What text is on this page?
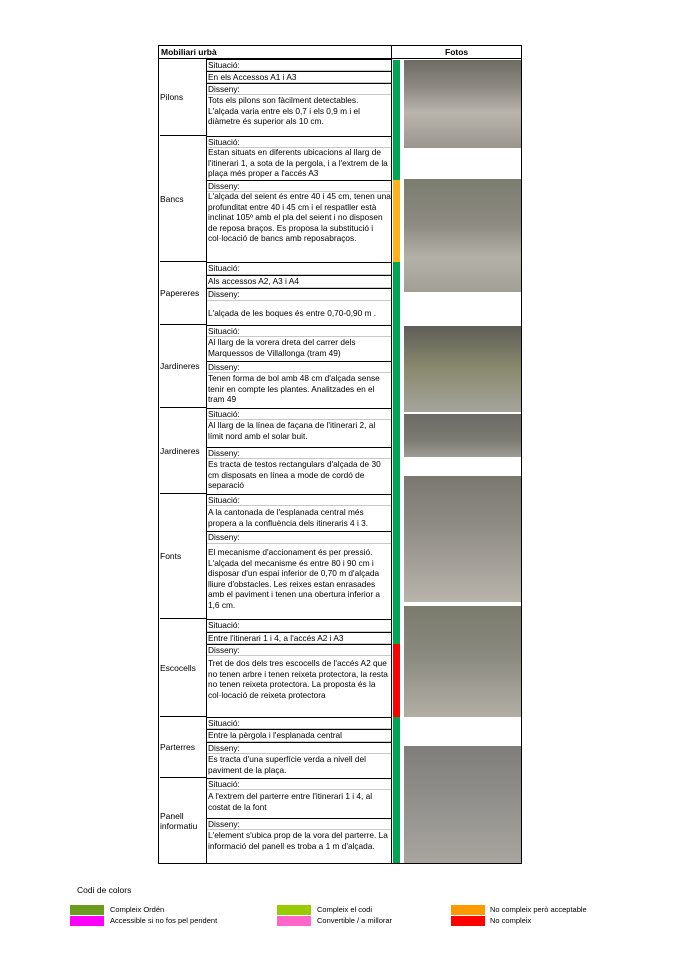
Mobiliari urbà	Fotos
Pilons
Situació:
En els Accessos A1 i A3
Disseny:
Tots els pilons son fàcilment detectables. L'alçada varia entre els 0,7 i els 0,9 m i el diàmetre és superior als 10 cm.
Bancs
Situació:
Estan situats en diferents ubicacions al llarg de l'itinerari 1, a sota de la pergola, i a l'extrem de la plaça més proper a l'accés A3
Disseny:
L'alçada del seient és entre 40 i 45 cm, tenen una profunditat entre 40 i 45 cm i el respatller està inclinat 105º amb el pla del seient i no disposen de reposa braços. Es proposa la substitució i col·locació de bancs amb reposabraços.
Papereres
Situació:
Als accessos A2, A3 i A4
Disseny:
L'alçada de les boques és entre 0,70-0,90 m .
Jardineres
Situació:
Al llarg de la vorera dreta del carrer dels Marquessos de Villallonga (tram 49)
Disseny:
Tenen forma de bol amb 48 cm d'alçada sense tenir en compte les plantes. Analitzades en el tram 49
Jardineres
Situació:
Al llarg de la línea de façana de l'itinerari 2, al límit nord amb el solar buit.
Disseny:
Es tracta de testos rectangulars d'alçada de 30 cm disposats en línea a mode de cordó de separació
Fonts
Situació:
A la cantonada de l'esplanada central més propera a la confluència dels itineraris 4 i 3.
Disseny:
El mecanisme d'accionament és per pressió. L'alçada del mecanisme és entre 80 i 90 cm i disposar d'un espai inferior de 0,70 m d'alçada lliure d'obstacles. Les reixes estan enrasades amb el paviment i tenen una obertura inferior a 1,6 cm.
Escocells
Situació:
Entre l'itinerari 1 i 4, a l'accés A2 i A3
Disseny:
Tret de dos dels tres escocells de l'accés A2 que no tenen arbre i tenen reixeta protectora, la resta no tenen reixeta protectora. La proposta és la col·locació de reixeta protectora
Parterres
Situació:
Entre la pèrgola i l'esplanada central
Disseny:
Es tracta d'una superfície verda a nivell del paviment de la plaça.
Panell informatiu
Situació:
A l'extrem del parterre entre l'itinerari 1 i 4, al costat de la font
Disseny:
L'element s'ubica prop de la vora del parterre. La informació del panell es troba a 1 m d'alçada.
Codi de colors
Compleix Ordén
Accessible si no fos pel pendent
Compleix el codi
Convertible / a millorar
No compleix però acceptable
No compleix
